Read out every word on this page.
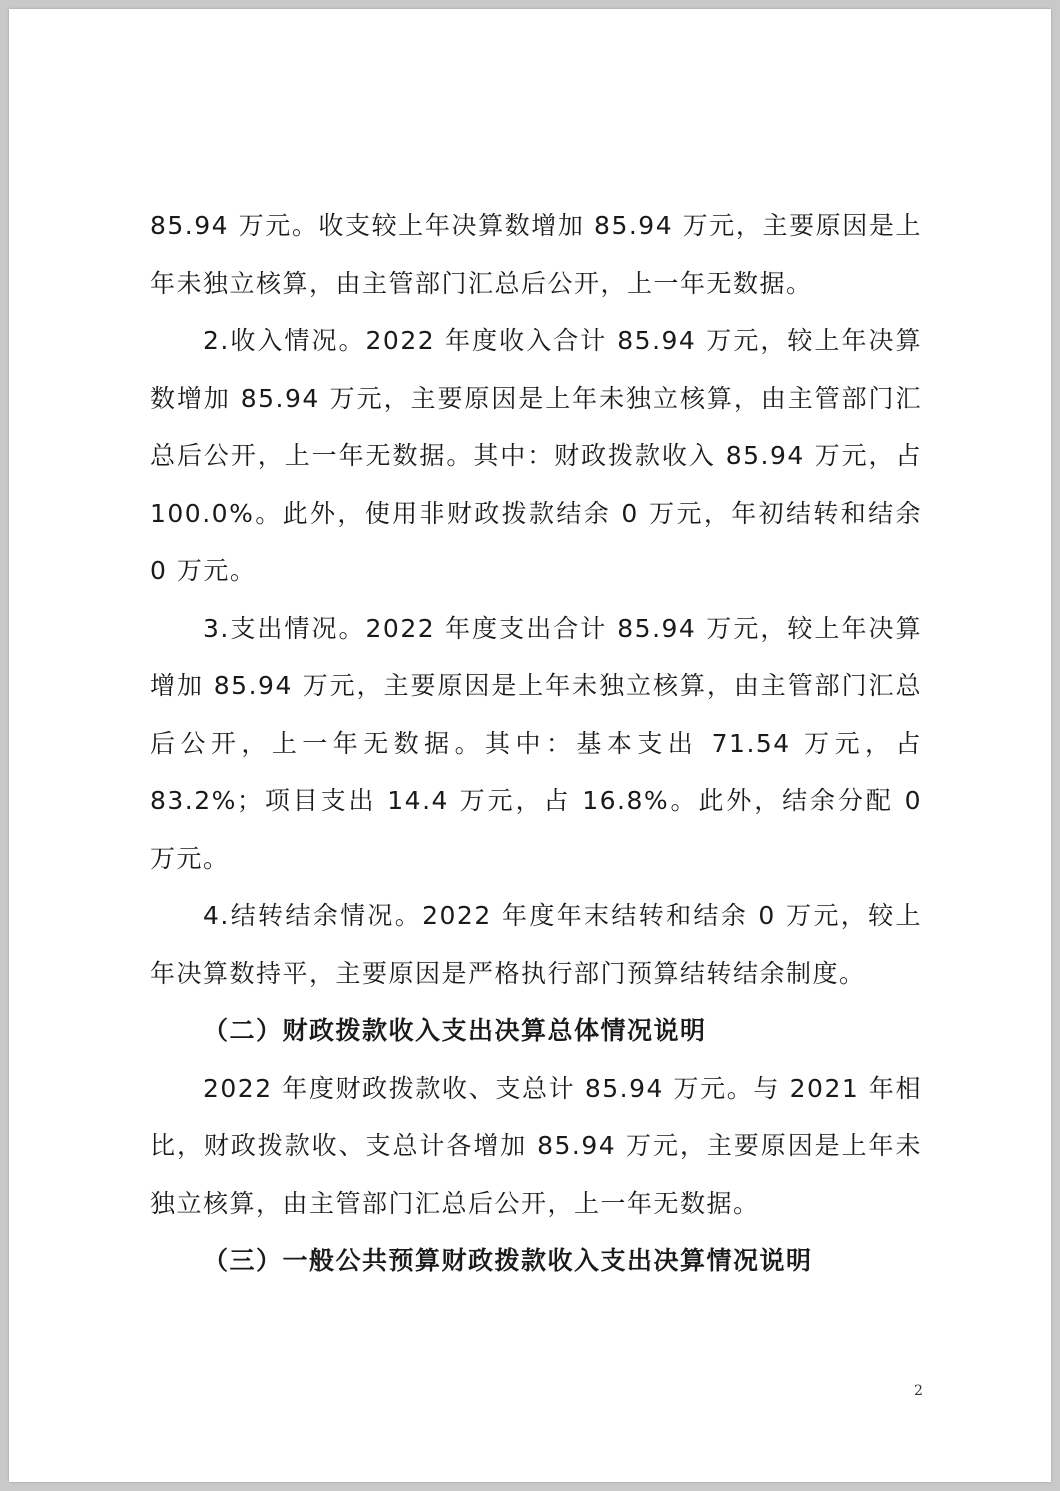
85.94 万元。收支较上年决算数增加 85.94 万元，主要原因是上年未独立核算，由主管部门汇总后公开，上一年无数据。

2.收入情况。2022 年度收入合计 85.94 万元，较上年决算数增加 85.94 万元，主要原因是上年未独立核算，由主管部门汇总后公开，上一年无数据。其中：财政拨款收入 85.94 万元，占 100.0%。此外，使用非财政拨款结余 0 万元，年初结转和结余 0 万元。

3.支出情况。2022 年度支出合计 85.94 万元，较上年决算增加 85.94 万元，主要原因是上年未独立核算，由主管部门汇总后公开，上一年无数据。其中：基本支出 71.54 万元，占 83.2%；项目支出 14.4 万元，占 16.8%。此外，结余分配 0 万元。

4.结转结余情况。2022 年度年末结转和结余 0 万元，较上年决算数持平，主要原因是严格执行部门预算结转结余制度。

（二）财政拨款收入支出决算总体情况说明

2022 年度财政拨款收、支总计 85.94 万元。与 2021 年相比，财政拨款收、支总计各增加 85.94 万元，主要原因是上年未独立核算，由主管部门汇总后公开，上一年无数据。

（三）一般公共预算财政拨款收入支出决算情况说明

2
